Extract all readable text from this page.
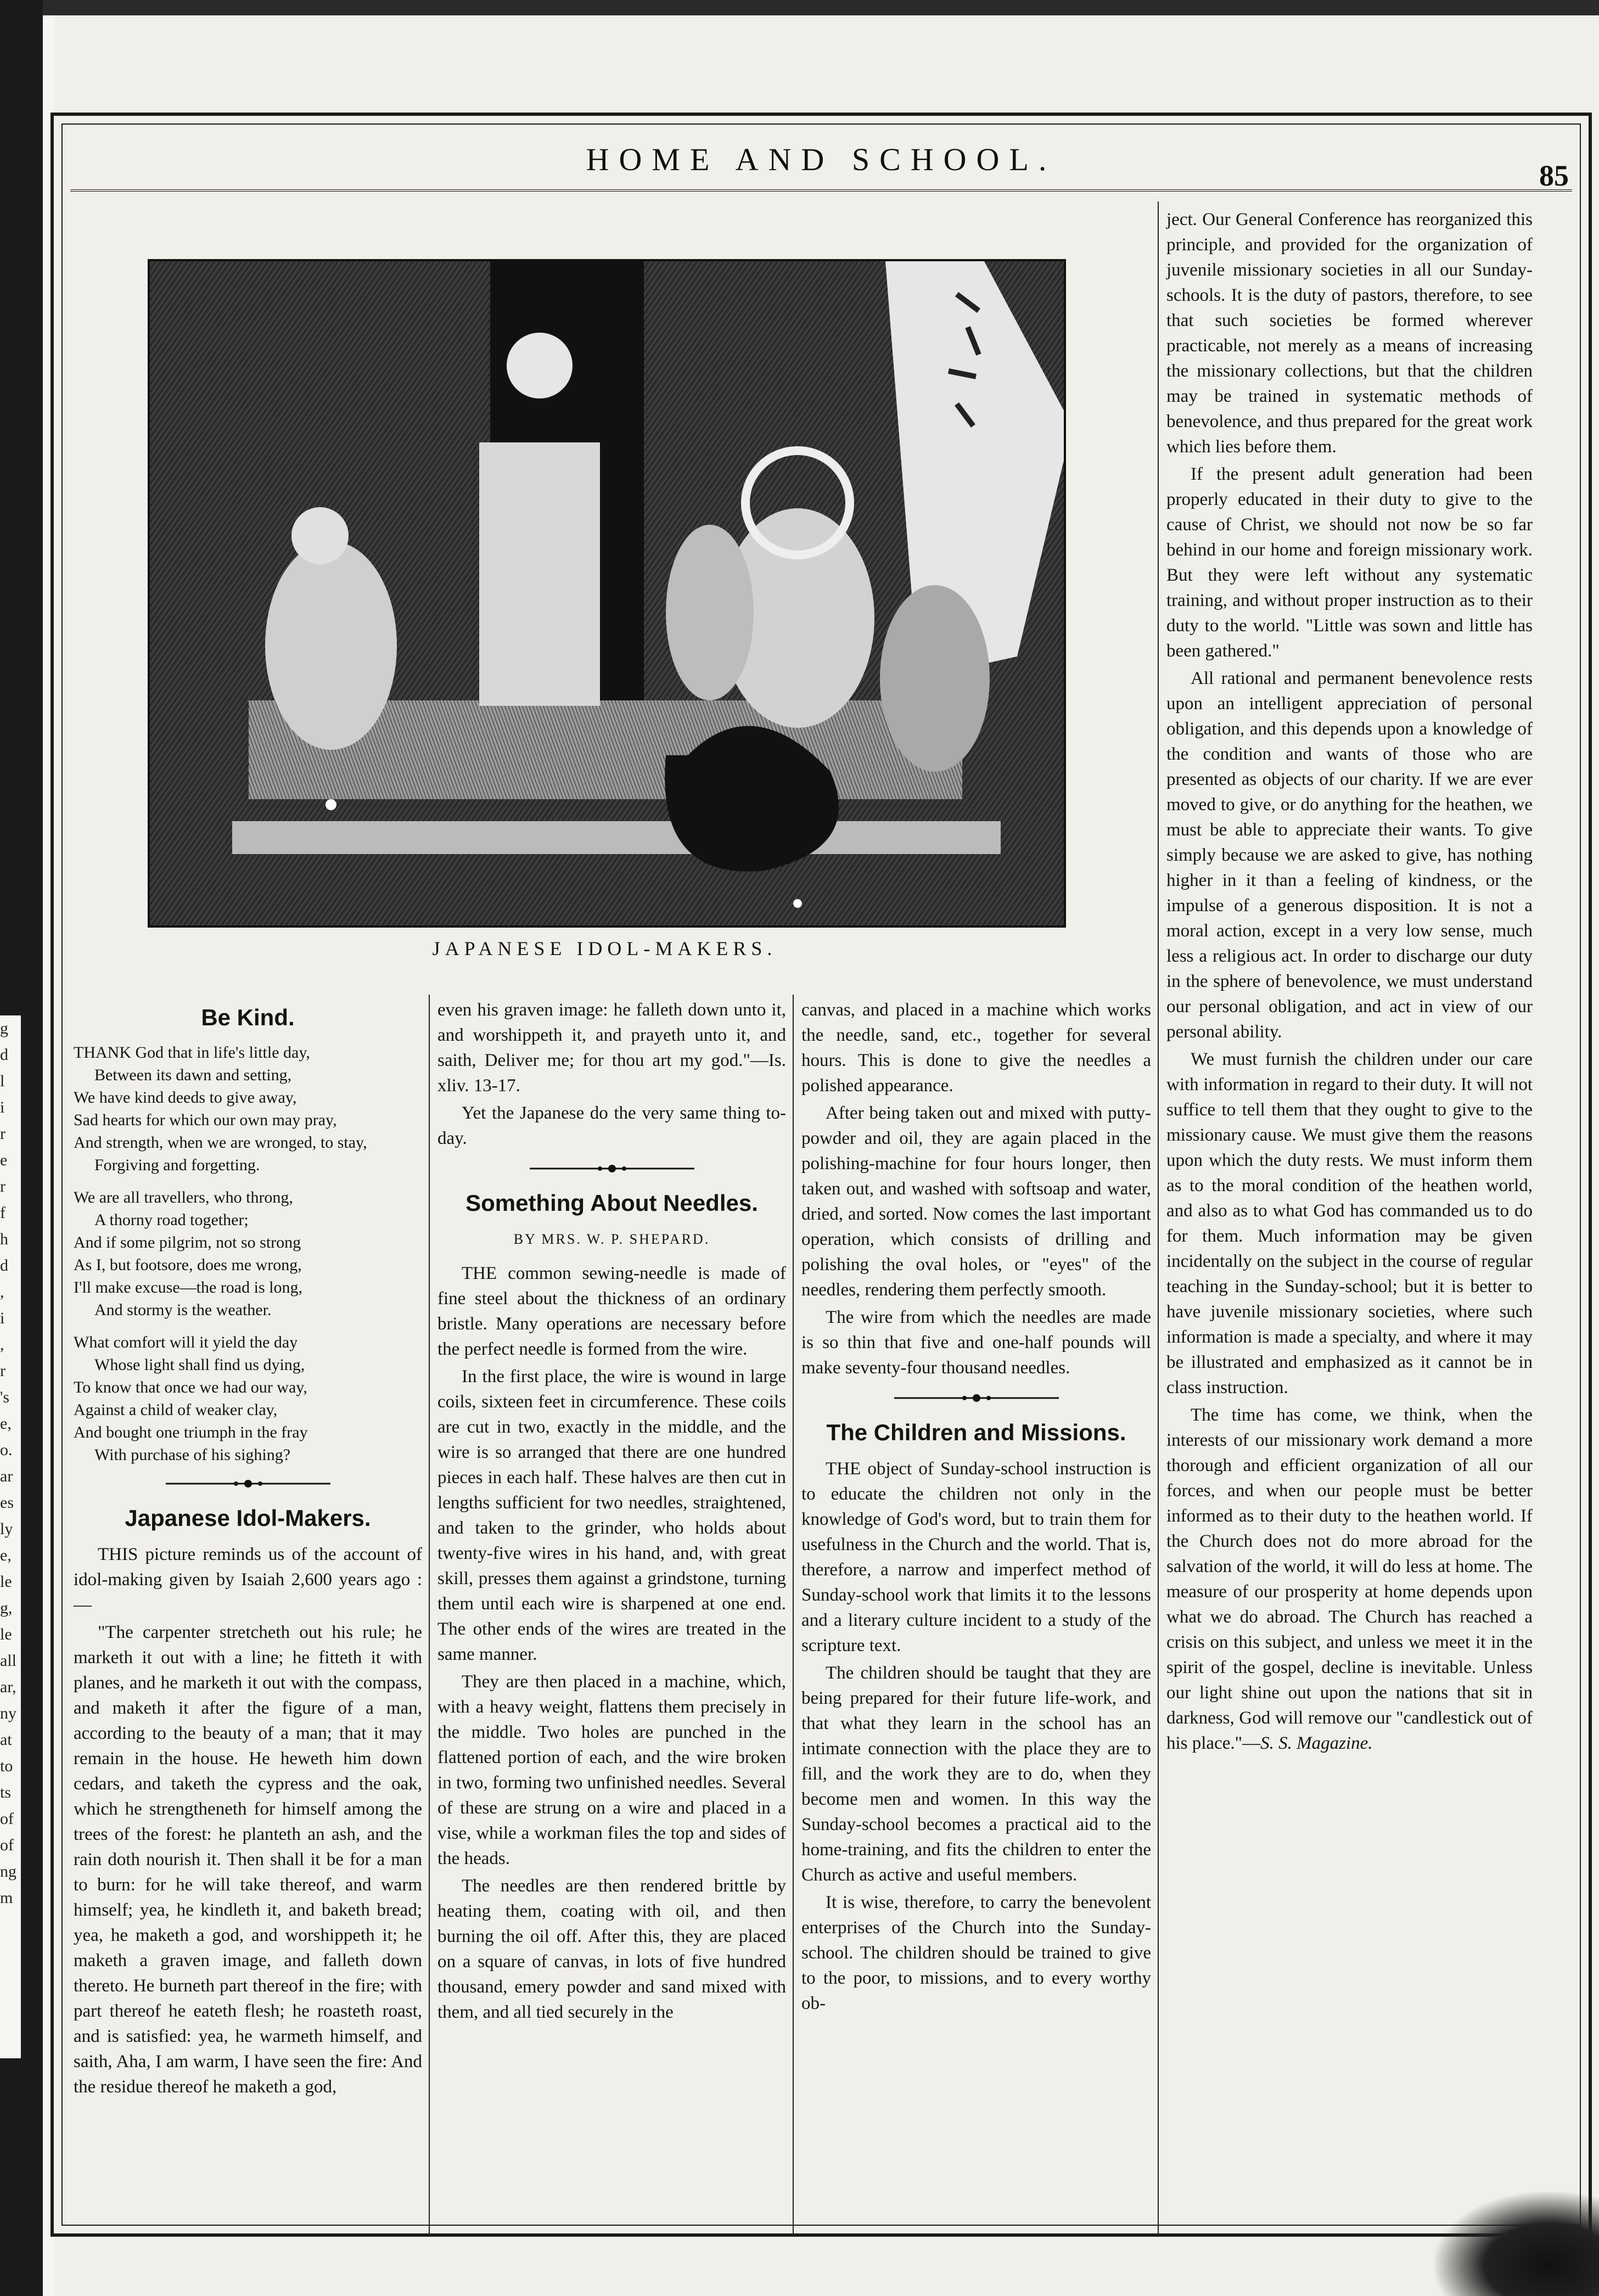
g
d
l
i
r
e
r
f
h
d
,
i
,
r
's
e,
o.
ar
es
ly
e,
le
g,
le
all
ar,
ny
at
to
ts
of
of
ng
m
HOME AND SCHOOL.	85
JAPANESE IDOL-MAKERS.
Be Kind.
THANK God that in life's little day,
Between its dawn and setting,
We have kind deeds to give away,
Sad hearts for which our own may pray,
And strength, when we are wronged, to stay,
Forgiving and forgetting.
We are all travellers, who throng,
A thorny road together;
And if some pilgrim, not so strong
As I, but footsore, does me wrong,
I'll make excuse—the road is long,
And stormy is the weather.
What comfort will it yield the day
Whose light shall find us dying,
To know that once we had our way,
Against a child of weaker clay,
And bought one triumph in the fray
With purchase of his sighing?
Japanese Idol-Makers.

THIS picture reminds us of the account of idol-making given by Isaiah 2,600 years ago :—

"The carpenter stretcheth out his rule; he marketh it out with a line; he fitteth it with planes, and he marketh it out with the compass, and maketh it after the figure of a man, according to the beauty of a man; that it may remain in the house. He heweth him down cedars, and taketh the cypress and the oak, which he strengtheneth for himself among the trees of the forest: he planteth an ash, and the rain doth nourish it. Then shall it be for a man to burn: for he will take thereof, and warm himself; yea, he kindleth it, and baketh bread; yea, he maketh a god, and worshippeth it; he maketh a graven image, and falleth down thereto. He burneth part thereof in the fire; with part thereof he eateth flesh; he roasteth roast, and is satisfied: yea, he warmeth himself, and saith, Aha, I am warm, I have seen the fire: And the residue thereof he maketh a god,

even his graven image: he falleth down unto it, and worshippeth it, and prayeth unto it, and saith, Deliver me; for thou art my god."—Is. xliv. 13-17.

Yet the Japanese do the very same thing to-day.

Something About Needles.
BY MRS. W. P. SHEPARD.

THE common sewing-needle is made of fine steel about the thickness of an ordinary bristle. Many operations are necessary before the perfect needle is formed from the wire.

In the first place, the wire is wound in large coils, sixteen feet in circumference. These coils are cut in two, exactly in the middle, and the wire is so arranged that there are one hundred pieces in each half. These halves are then cut in lengths sufficient for two needles, straightened, and taken to the grinder, who holds about twenty-five wires in his hand, and, with great skill, presses them against a grindstone, turning them until each wire is sharpened at one end. The other ends of the wires are treated in the same manner.

They are then placed in a machine, which, with a heavy weight, flattens them precisely in the middle. Two holes are punched in the flattened portion of each, and the wire broken in two, forming two unfinished needles. Several of these are strung on a wire and placed in a vise, while a workman files the top and sides of the heads.

The needles are then rendered brittle by heating them, coating with oil, and then burning the oil off. After this, they are placed on a square of canvas, in lots of five hundred thousand, emery powder and sand mixed with them, and all tied securely in the

canvas, and placed in a machine which works the needle, sand, etc., together for several hours. This is done to give the needles a polished appearance.

After being taken out and mixed with putty-powder and oil, they are again placed in the polishing-machine for four hours longer, then taken out, and washed with softsoap and water, dried, and sorted. Now comes the last important operation, which consists of drilling and polishing the oval holes, or "eyes" of the needles, rendering them perfectly smooth.

The wire from which the needles are made is so thin that five and one-half pounds will make seventy-four thousand needles.

The Children and Missions.

THE object of Sunday-school instruction is to educate the children not only in the knowledge of God's word, but to train them for usefulness in the Church and the world. That is, therefore, a narrow and imperfect method of Sunday-school work that limits it to the lessons and a literary culture incident to a study of the scripture text.

The children should be taught that they are being prepared for their future life-work, and that what they learn in the school has an intimate connection with the place they are to fill, and the work they are to do, when they become men and women. In this way the Sunday-school becomes a practical aid to the home-training, and fits the children to enter the Church as active and useful members.

It is wise, therefore, to carry the benevolent enterprises of the Church into the Sunday-school. The children should be trained to give to the poor, to missions, and to every worthy ob-

ject. Our General Conference has reorganized this principle, and provided for the organization of juvenile missionary societies in all our Sunday-schools. It is the duty of pastors, therefore, to see that such societies be formed wherever practicable, not merely as a means of increasing the missionary collections, but that the children may be trained in systematic methods of benevolence, and thus prepared for the great work which lies before them.

If the present adult generation had been properly educated in their duty to give to the cause of Christ, we should not now be so far behind in our home and foreign missionary work. But they were left without any systematic training, and without proper instruction as to their duty to the world. "Little was sown and little has been gathered."

All rational and permanent benevolence rests upon an intelligent appreciation of personal obligation, and this depends upon a knowledge of the condition and wants of those who are presented as objects of our charity. If we are ever moved to give, or do anything for the heathen, we must be able to appreciate their wants. To give simply because we are asked to give, has nothing higher in it than a feeling of kindness, or the impulse of a generous disposition. It is not a moral action, except in a very low sense, much less a religious act. In order to discharge our duty in the sphere of benevolence, we must understand our personal obligation, and act in view of our personal ability.

We must furnish the children under our care with information in regard to their duty. It will not suffice to tell them that they ought to give to the missionary cause. We must give them the reasons upon which the duty rests. We must inform them as to the moral condition of the heathen world, and also as to what God has commanded us to do for them. Much information may be given incidentally on the subject in the course of regular teaching in the Sunday-school; but it is better to have juvenile missionary societies, where such information is made a specialty, and where it may be illustrated and emphasized as it cannot be in class instruction.

The time has come, we think, when the interests of our missionary work demand a more thorough and efficient organization of all our forces, and when our people must be better informed as to their duty to the heathen world. If the Church does not do more abroad for the salvation of the world, it will do less at home. The measure of our prosperity at home depends upon what we do abroad. The Church has reached a crisis on this subject, and unless we meet it in the spirit of the gospel, decline is inevitable. Unless our light shine out upon the nations that sit in darkness, God will remove our "candlestick out of his place."—S. S. Magazine.
